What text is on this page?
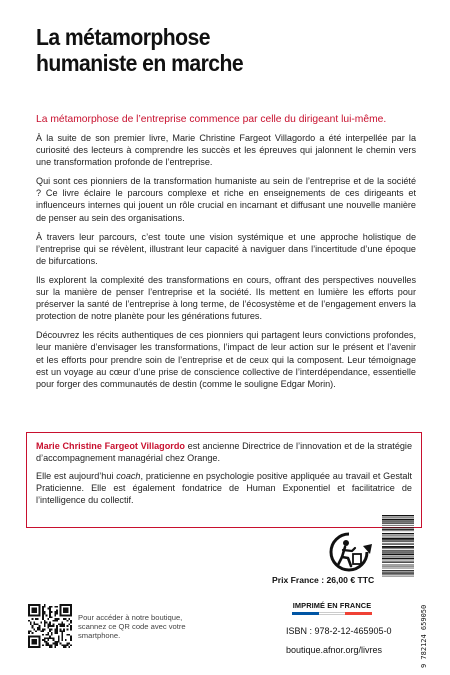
La métamorphose
humaniste en marche
La métamorphose de l’entreprise commence par celle du dirigeant lui-même.

À la suite de son premier livre, Marie Christine Fargeot Villagordo a été interpellée par la curiosité des lecteurs à comprendre les succès et les épreuves qui jalonnent le chemin vers une transformation profonde de l’entreprise.

Qui sont ces pionniers de la transformation humaniste au sein de l’entreprise et de la société ? Ce livre éclaire le parcours complexe et riche en enseignements de ces dirigeants et influenceurs internes qui jouent un rôle crucial en incarnant et diffusant une nouvelle manière de penser au sein des organisations.

À travers leur parcours, c’est toute une vision systémique et une approche holistique de l’entreprise qui se révèlent, illustrant leur capacité à naviguer dans l’incertitude d’une époque de bifurcations.

Ils explorent la complexité des transformations en cours, offrant des perspectives nouvelles sur la manière de penser l’entreprise et la société. Ils mettent en lumière les efforts pour préserver la santé de l’entreprise à long terme, de l’écosystème et de l’engagement envers la protection de notre planète pour les générations futures.

Découvrez les récits authentiques de ces pionniers qui partagent leurs convictions profondes, leur manière d’envisager les transformations, l’impact de leur action sur le présent et l’avenir et les efforts pour prendre soin de l’entreprise et de ceux qui la composent. Leur témoignage est un voyage au cœur d’une prise de conscience collective de l’interdépendance, essentielle pour forger des communautés de destin (comme le souligne Edgar Morin).

Marie Christine Fargeot Villagordo est ancienne Directrice de l’innovation et de la stratégie d’accompagnement managérial chez Orange.

Elle est aujourd’hui coach, praticienne en psychologie positive appliquée au travail et Gestalt Praticienne. Elle est également fondatrice de Human Exponentiel et facilitatrice de l’intelligence du collectif.

Prix France : 26,00 € TTC
IMPRIMÉ EN FRANCE
ISBN : 978-2-12-465905-0
boutique.afnor.org/livres	9 782124 659050
Pour accéder à notre boutique, scannez ce QR code avec votre smartphone.
